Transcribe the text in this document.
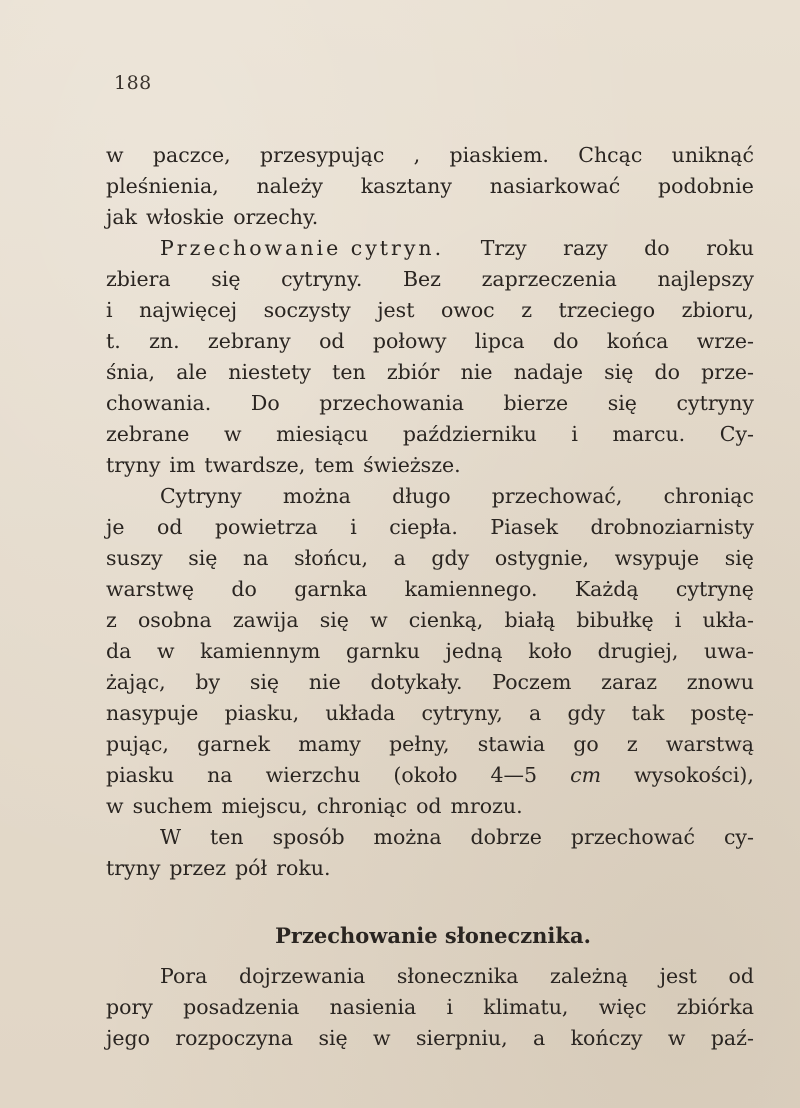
188
w paczce, przesypując , piaskiem. Chcąc uniknąć
pleśnienia, należy kasztany nasiarkować podobnie
jak włoskie orzechy.
Przechowanie cytryn. Trzy razy do roku
zbiera się cytryny. Bez zaprzeczenia najlepszy
i najwięcej soczysty jest owoc z trzeciego zbioru,
t. zn. zebrany od połowy lipca do końca wrze-
śnia, ale niestety ten zbiór nie nadaje się do prze-
chowania. Do przechowania bierze się cytryny
zebrane w miesiącu październiku i marcu. Cy-
tryny im twardsze, tem świeższe.
Cytryny można długo przechować, chroniąc
je od powietrza i ciepła. Piasek drobnoziarnisty
suszy się na słońcu, a gdy ostygnie, wsypuje się
warstwę do garnka kamiennego. Każdą cytrynę
z osobna zawija się w cienką, białą bibułkę i ukła-
da w kamiennym garnku jedną koło drugiej, uwa-
żając, by się nie dotykały. Poczem zaraz znowu
nasypuje piasku, układa cytryny, a gdy tak postę-
pując, garnek mamy pełny, stawia go z warstwą
piasku na wierzchu (około 4—5 cm wysokości),
w suchem miejscu, chroniąc od mrozu.
W ten sposób można dobrze przechować cy-
tryny przez pół roku.
Przechowanie słonecznika.
Pora dojrzewania słonecznika zależną jest od
pory posadzenia nasienia i klimatu, więc zbiórka
jego rozpoczyna się w sierpniu, a kończy w paź-
